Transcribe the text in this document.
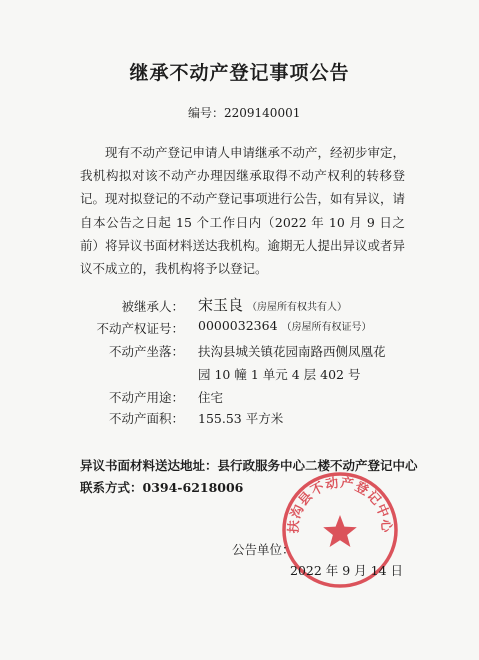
继承不动产登记事项公告
编号：2209140001

现有不动产登记申请人申请继承不动产，经初步审定，我机构拟对该不动产办理因继承取得不动产权利的转移登记。现对拟登记的不动产登记事项进行公告，如有异议，请自本公告之日起 15 个工作日内（2022 年 10 月 9 日之前）将异议书面材料送达我机构。逾期无人提出异议或者异议不成立的，我机构将予以登记。

被继承人： 宋玉良 （房屋所有权共有人）
不动产权证号： 0000032364 （房屋所有权证号）
不动产坐落： 扶沟县城关镇花园南路西侧凤凰花
园 10 幢 1 单元 4 层 402 号
不动产用途： 住宅
不动产面积： 155.53 平方米
异议书面材料送达地址：县行政服务中心二楼不动产登记中心
联系方式：0394-6218006
扶沟县不动产登记中心
公告单位：
2022 年 9 月 14 日
